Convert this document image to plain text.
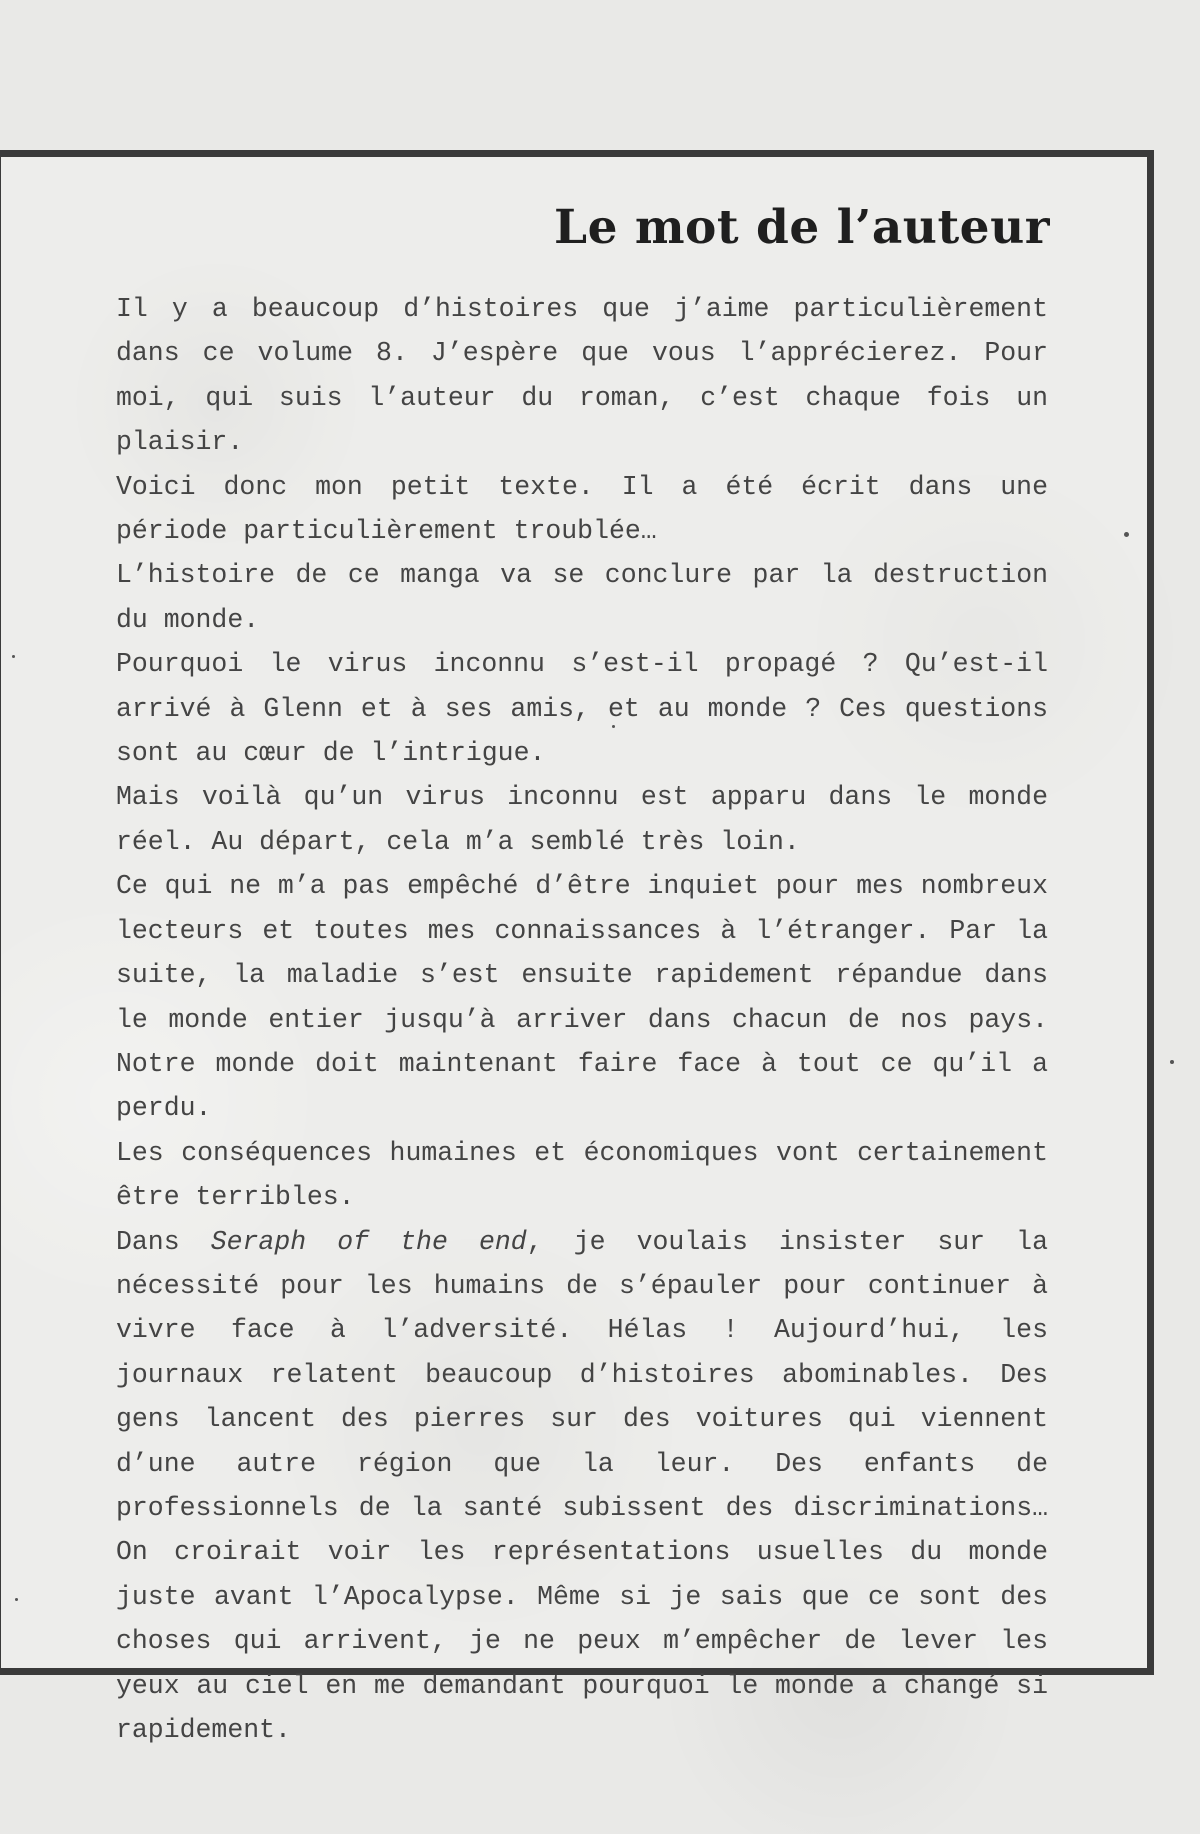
Le mot de l’auteur

Il y a beaucoup d’histoires que j’aime particulièrement dans ce volume 8. J’espère que vous l’apprécierez. Pour moi, qui suis l’auteur du roman, c’est chaque fois un plaisir.

Voici donc mon petit texte. Il a été écrit dans une période particulièrement troublée…

L’histoire de ce manga va se conclure par la destruction du monde.

Pourquoi le virus inconnu s’est-il propagé ? Qu’est-il arrivé à Glenn et à ses amis, et au monde ? Ces questions sont au cœur de l’intrigue.

Mais voilà qu’un virus inconnu est apparu dans le monde réel. Au départ, cela m’a semblé très loin.

Ce qui ne m’a pas empêché d’être inquiet pour mes nombreux lecteurs et toutes mes connaissances à l’étranger. Par la suite, la maladie s’est ensuite rapidement répandue dans le monde entier jusqu’à arriver dans chacun de nos pays. Notre monde doit maintenant faire face à tout ce qu’il a perdu.

Les conséquences humaines et économiques vont certainement être terribles.

Dans Seraph of the end, je voulais insister sur la nécessité pour les humains de s’épauler pour continuer à vivre face à l’adversité. Hélas ! Aujourd’hui, les journaux relatent beaucoup d’histoires abominables. Des gens lancent des pierres sur des voitures qui viennent d’une autre région que la leur. Des enfants de professionnels de la santé subissent des discriminations… On croirait voir les représentations usuelles du monde juste avant l’Apocalypse. Même si je sais que ce sont des choses qui arrivent, je ne peux m’empêcher de lever les yeux au ciel en me demandant pourquoi le monde a changé si rapidement.
